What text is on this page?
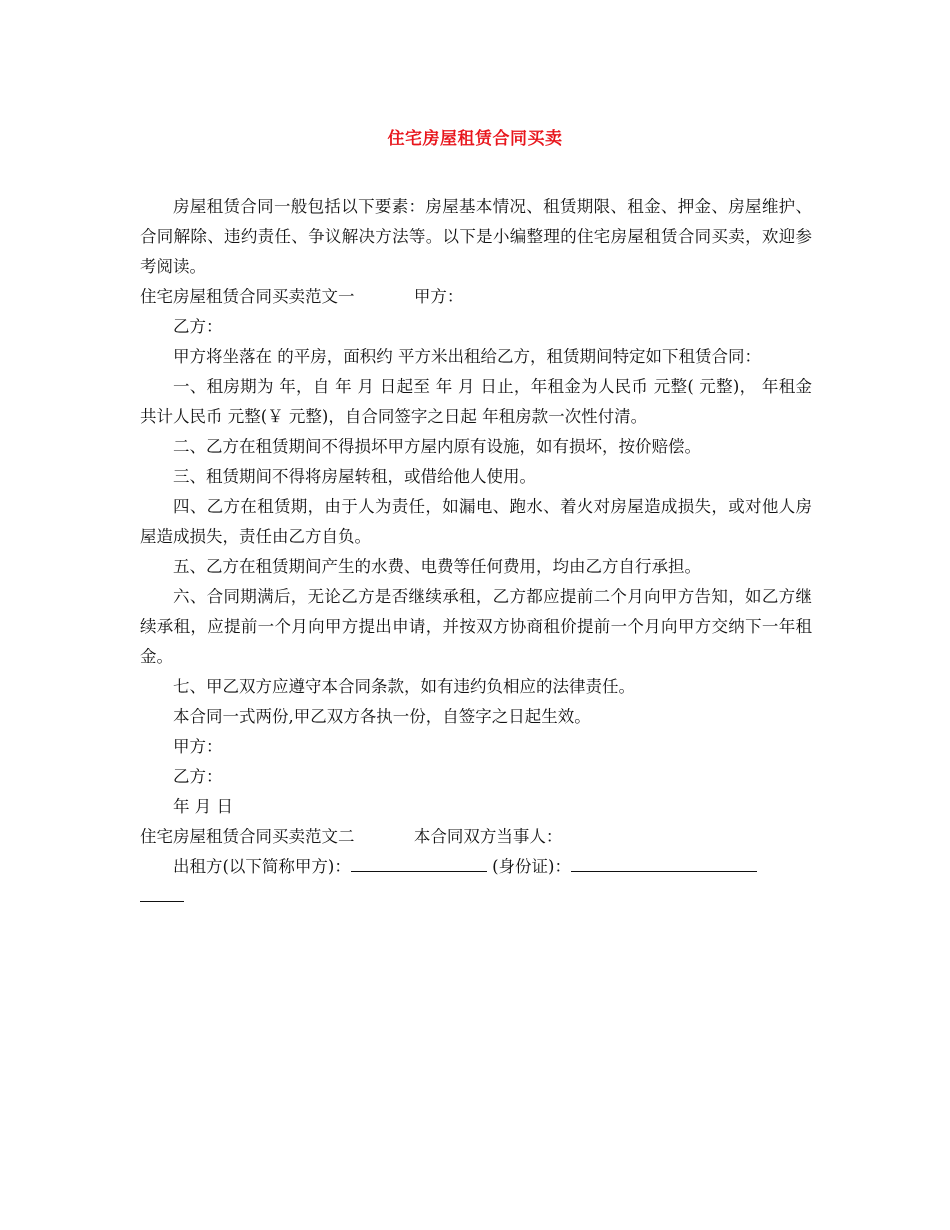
住宅房屋租赁合同买卖

房屋租赁合同一般包括以下要素：房屋基本情况、租赁期限、租金、押金、房屋维护、合同解除、违约责任、争议解决方法等。以下是小编整理的住宅房屋租赁合同买卖，欢迎参考阅读。

住宅房屋租赁合同买卖范文一	甲方：

乙方：

甲方将坐落在 的平房，面积约 平方米出租给乙方，租赁期间特定如下租赁合同：

一、租房期为 年，自 年 月 日起至 年 月 日止，年租金为人民币 元整( 元整)， 年租金共计人民币 元整(￥ 元整)，自合同签字之日起 年租房款一次性付清。

二、乙方在租赁期间不得损坏甲方屋内原有设施，如有损坏，按价赔偿。

三、租赁期间不得将房屋转租，或借给他人使用。

四、乙方在租赁期，由于人为责任，如漏电、跑水、着火对房屋造成损失，或对他人房屋造成损失，责任由乙方自负。

五、乙方在租赁期间产生的水费、电费等任何费用，均由乙方自行承担。

六、合同期满后，无论乙方是否继续承租，乙方都应提前二个月向甲方告知，如乙方继续承租，应提前一个月向甲方提出申请，并按双方协商租价提前一个月向甲方交纳下一年租金。

七、甲乙双方应遵守本合同条款，如有违约负相应的法律责任。

本合同一式两份,甲乙双方各执一份，自签字之日起生效。

甲方：

乙方：

年 月 日

住宅房屋租赁合同买卖范文二	本合同双方当事人：

出租方(以下简称甲方)：	(身份证)：
